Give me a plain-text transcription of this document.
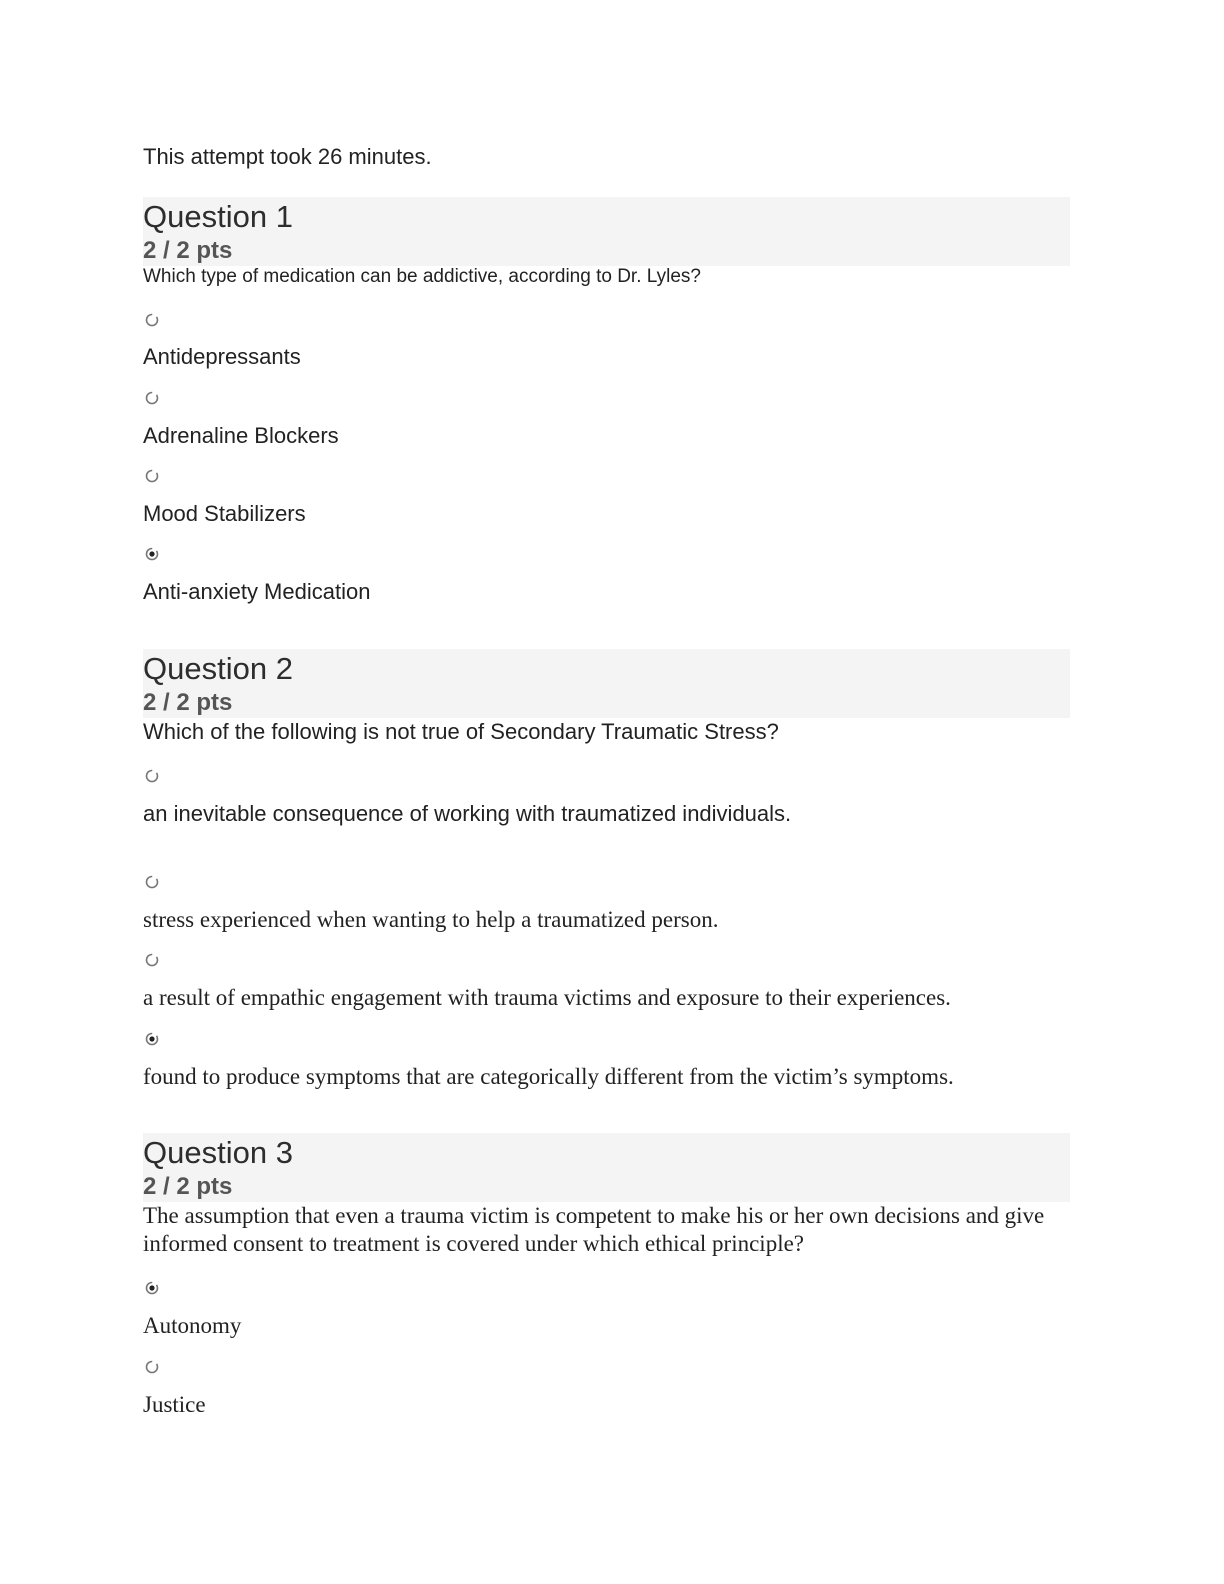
This attempt took 26 minutes.
Question 1
2 / 2 pts
Which type of medication can be addictive, according to Dr. Lyles?
Antidepressants
Adrenaline Blockers
Mood Stabilizers
Anti-anxiety Medication
Question 2
2 / 2 pts
Which of the following is not true of Secondary Traumatic Stress?
an inevitable consequence of working with traumatized individuals.
stress experienced when wanting to help a traumatized person.
a result of empathic engagement with trauma victims and exposure to their experiences.
found to produce symptoms that are categorically different from the victim’s symptoms.
Question 3
2 / 2 pts
The assumption that even a trauma victim is competent to make his or her own decisions and give informed consent to treatment is covered under which ethical principle?
Autonomy
Justice
